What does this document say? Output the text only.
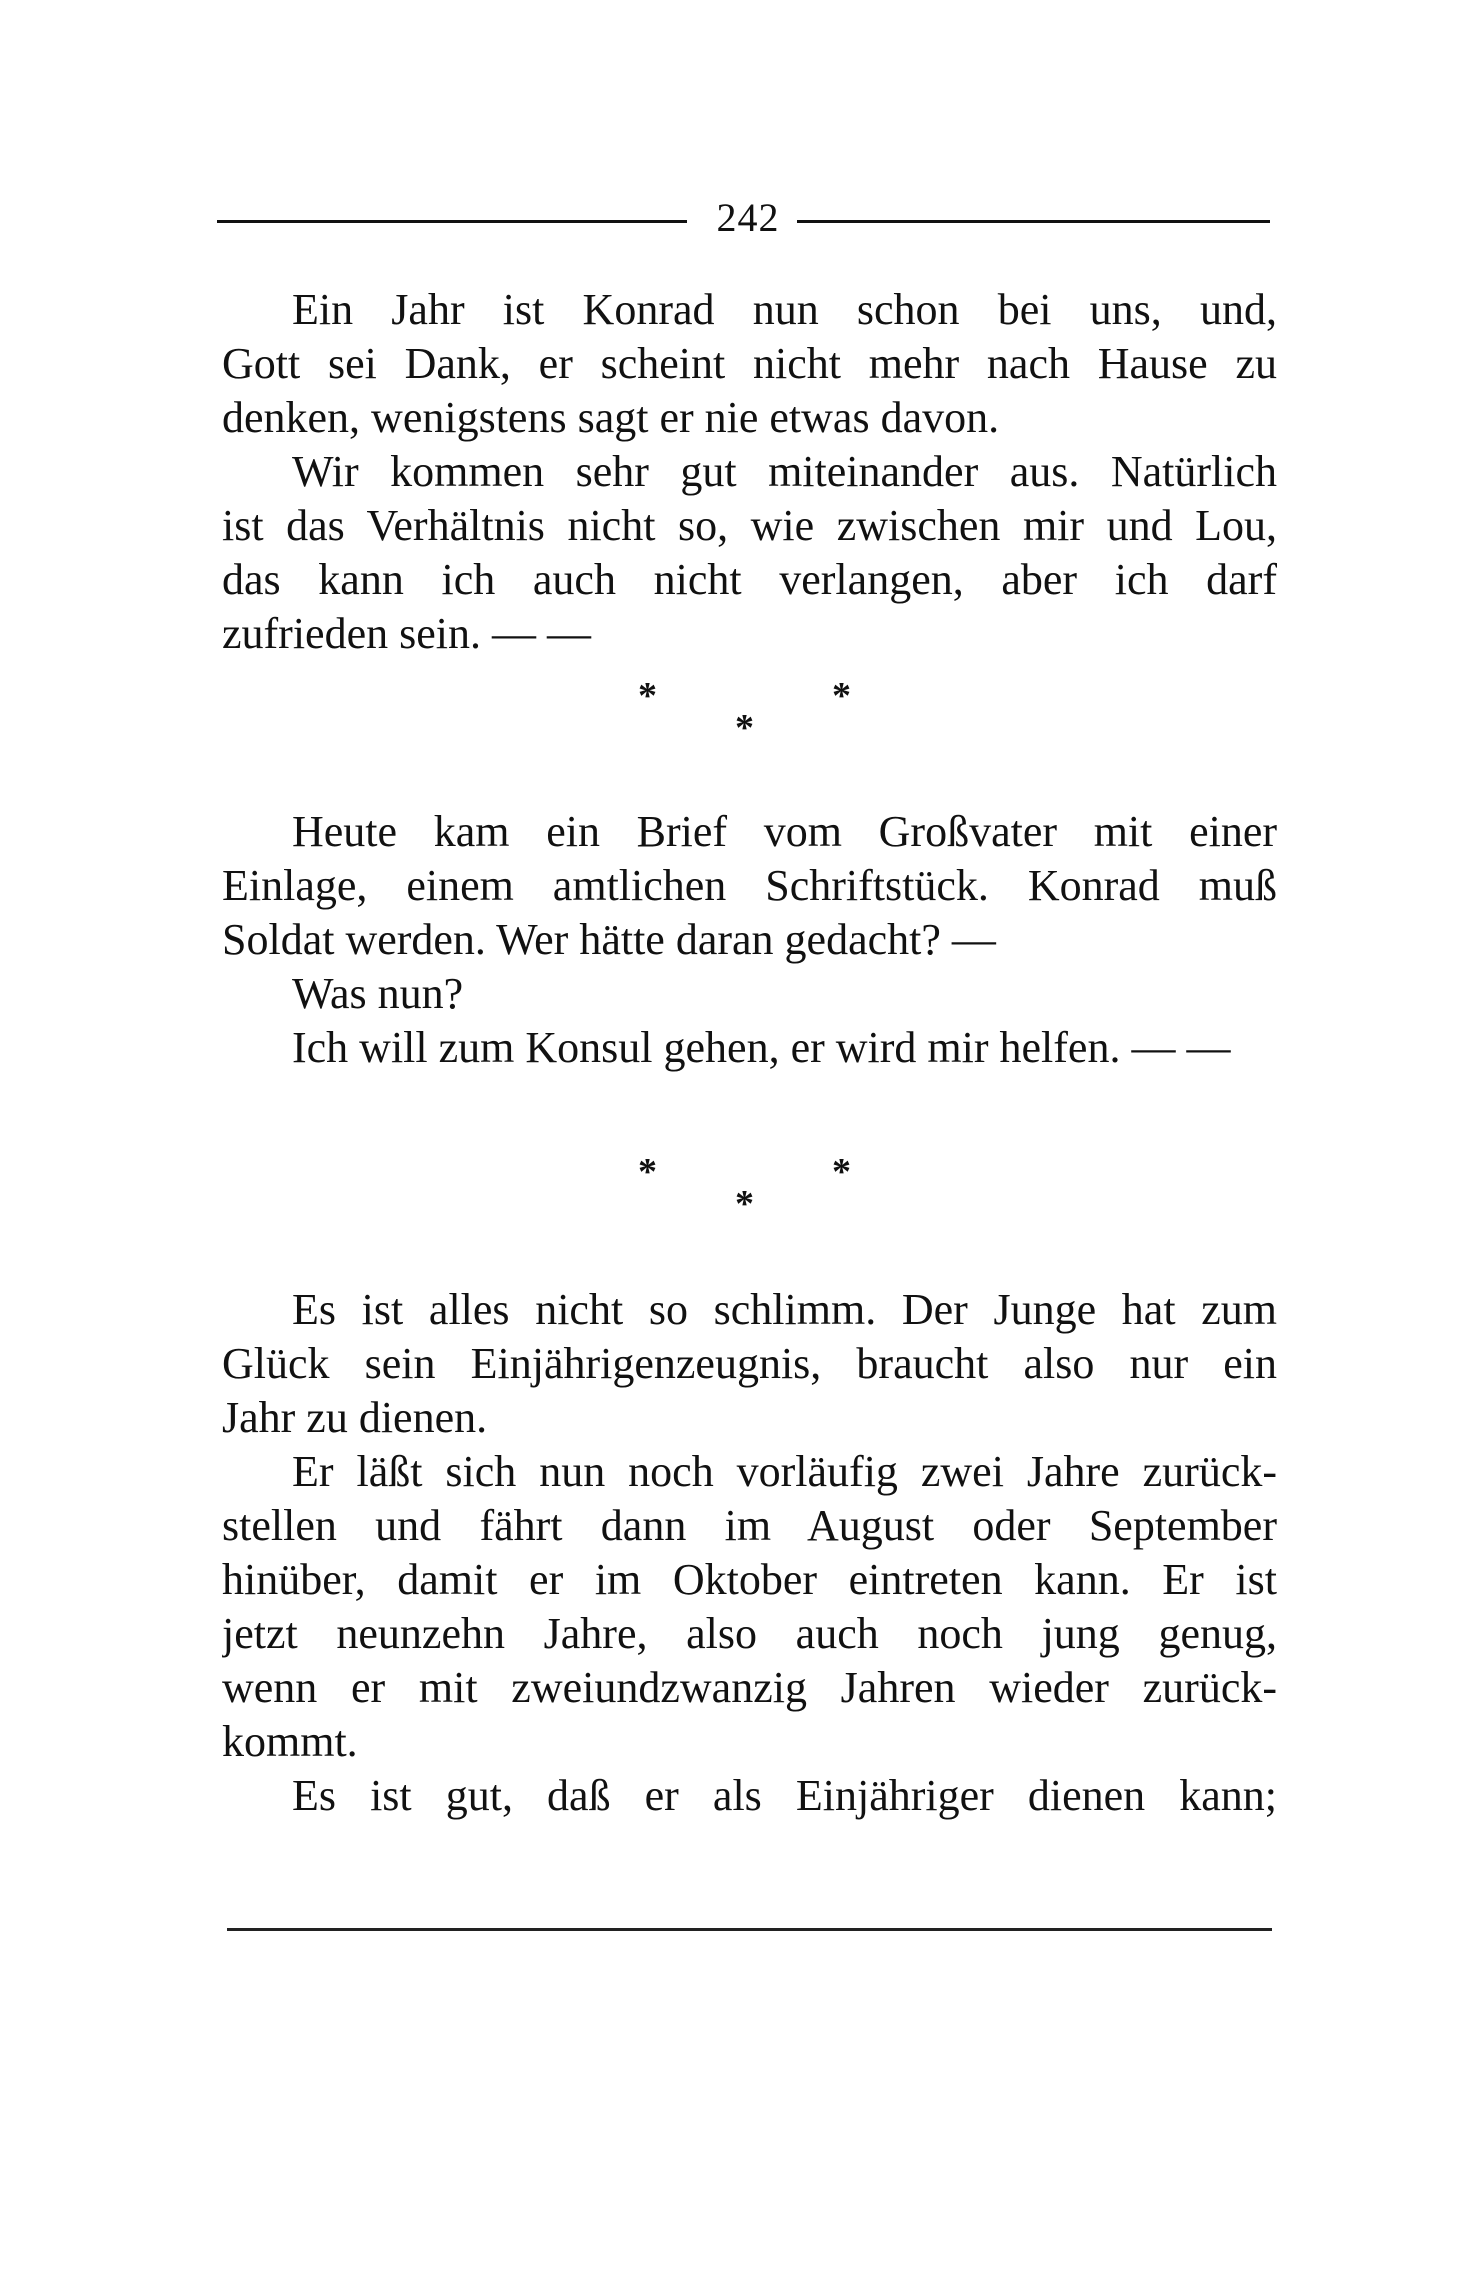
242
Ein Jahr ist Konrad nun schon bei uns, und,
Gott sei Dank, er scheint nicht mehr nach Hause zu
denken, wenigstens sagt er nie etwas davon.
Wir kommen sehr gut miteinander aus. Natürlich
ist das Verhältnis nicht so, wie zwischen mir und Lou,
das kann ich auch nicht verlangen, aber ich darf
zufrieden sein. — —
*	*
*
Heute kam ein Brief vom Großvater mit einer
Einlage, einem amtlichen Schriftstück. Konrad muß
Soldat werden. Wer hätte daran gedacht? —
Was nun?
Ich will zum Konsul gehen, er wird mir helfen. — —
*	*
*
Es ist alles nicht so schlimm. Der Junge hat zum
Glück sein Einjährigenzeugnis, braucht also nur ein
Jahr zu dienen.
Er läßt sich nun noch vorläufig zwei Jahre zurück-
stellen und fährt dann im August oder September
hinüber, damit er im Oktober eintreten kann. Er ist
jetzt neunzehn Jahre, also auch noch jung genug,
wenn er mit zweiundzwanzig Jahren wieder zurück-
kommt.
Es ist gut, daß er als Einjähriger dienen kann;
